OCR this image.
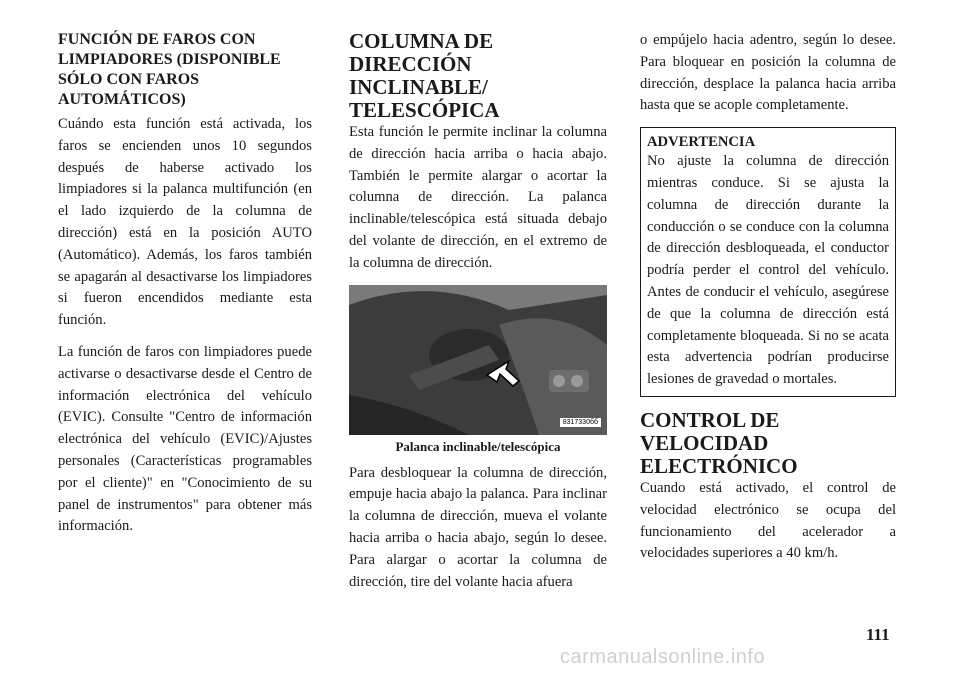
FUNCIÓN DE FAROS CON LIMPIADORES (DISPONIBLE SÓLO CON FAROS AUTOMÁTICOS)

Cuándo esta función está activada, los faros se encienden unos 10 segundos después de haberse activado los limpiadores si la palanca multifunción (en el lado izquierdo de la columna de dirección) está en la posición AUTO (Automático). Además, los faros también se apagarán al desactivarse los limpiadores si fueron encendidos mediante esta función.

La función de faros con limpiadores puede activarse o desactivarse desde el Centro de información electrónica del vehículo (EVIC). Consulte "Centro de información electrónica del vehículo (EVIC)/Ajustes personales (Características programables por el cliente)" en "Conocimiento de su panel de instrumentos" para obtener más información.

COLUMNA DE DIRECCIÓN INCLINABLE/ TELESCÓPICA

Esta función le permite inclinar la columna de dirección hacia arriba o hacia abajo. También le permite alargar o acortar la columna de dirección. La palanca inclinable/telescópica está situada debajo del volante de dirección, en el extremo de la columna de dirección.

8317330бб
Palanca inclinable/telescópica

Para desbloquear la columna de dirección, empuje hacia abajo la palanca. Para inclinar la columna de dirección, mueva el volante hacia arriba o hacia abajo, según lo desee. Para alargar o acortar la columna de dirección, tire del volante hacia afuera

o empújelo hacia adentro, según lo desee. Para bloquear en posición la columna de dirección, desplace la palanca hacia arriba hasta que se acople completamente.

ADVERTENCIA

No ajuste la columna de dirección mientras conduce. Si se ajusta la columna de dirección durante la conducción o se conduce con la columna de dirección desbloqueada, el conductor podría perder el control del vehículo. Antes de conducir el vehículo, asegúrese de que la columna de dirección está completamente bloqueada. Si no se acata esta advertencia podrían producirse lesiones de gravedad o mortales.

CONTROL DE VELOCIDAD ELECTRÓNICO

Cuando está activado, el control de velocidad electrónico se ocupa del funcionamiento del acelerador a velocidades superiores a 40 km/h.

111
carmanualsonline.info
